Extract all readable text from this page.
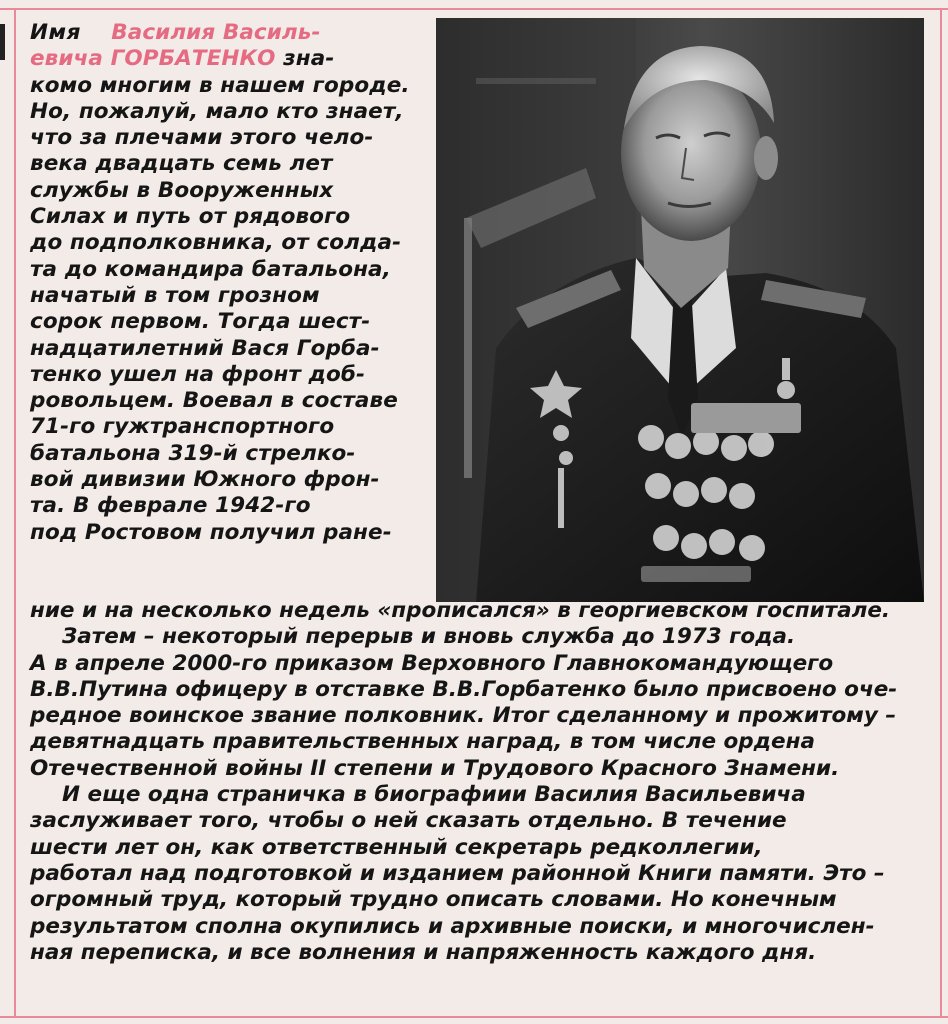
Имя Василия Василь-
евича ГОРБАТЕНКО зна-
комо многим в нашем городе.
Но, пожалуй, мало кто знает,
что за плечами этого чело-
века двадцать семь лет
службы в Вооруженных
Силах и путь от рядового
до подполковника, от солда-
та до командира батальона,
начатый в том грозном
сорок первом. Тогда шест-
надцатилетний Вася Горба-
тенко ушел на фронт доб-
ровольцем. Воевал в составе
71-го гужтранспортного
батальона 319-й стрелко-
вой дивизии Южного фрон-
та. В феврале 1942-го
под Ростовом получил ране-
ние и на несколько недель «прописался» в георгиевском госпитале.
Затем – некоторый перерыв и вновь служба до 1973 года.
А в апреле 2000-го приказом Верховного Главнокомандующего
В.В.Путина офицеру в отставке В.В.Горбатенко было присвоено оче-
редное воинское звание полковник. Итог сделанному и прожитому –
девятнадцать правительственных наград, в том числе ордена
Отечественной войны II степени и Трудового Красного Знамени.
И еще одна страничка в биографиии Василия Васильевича
заслуживает того, чтобы о ней сказать отдельно. В течение
шести лет он, как ответственный секретарь редколлегии,
работал над подготовкой и изданием районной Книги памяти. Это –
огромный труд, который трудно описать словами. Но конечным
результатом сполна окупились и архивные поиски, и многочислен-
ная переписка, и все волнения и напряженность каждого дня.
